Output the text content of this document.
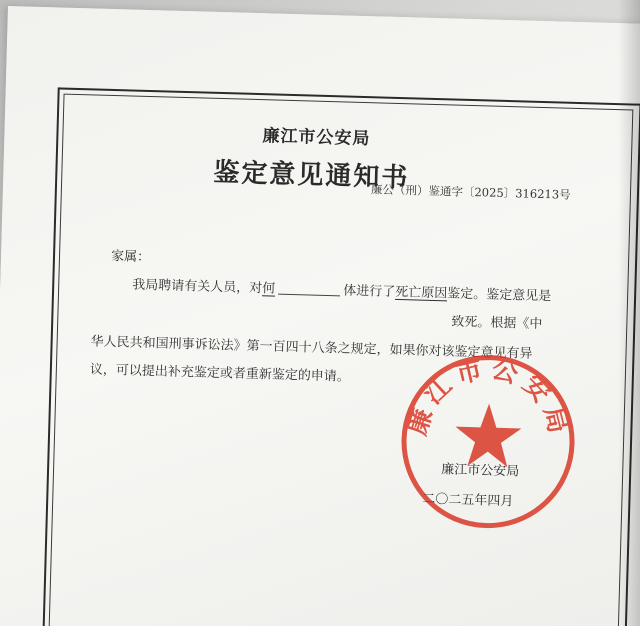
廉江市公安局
鉴定意见通知书
廉公（刑）鉴通字〔2025〕316213号
家属：
我局聘请有关人员，对何	体进行了死亡原因鉴定。鉴定意见是
致死。根据《中
华人民共和国刑事诉讼法》第一百四十八条之规定，如果你对该鉴定意见有异
议，可以提出补充鉴定或者重新鉴定的申请。
廉江市公安局
廉江市公安局
二〇二五年四月
